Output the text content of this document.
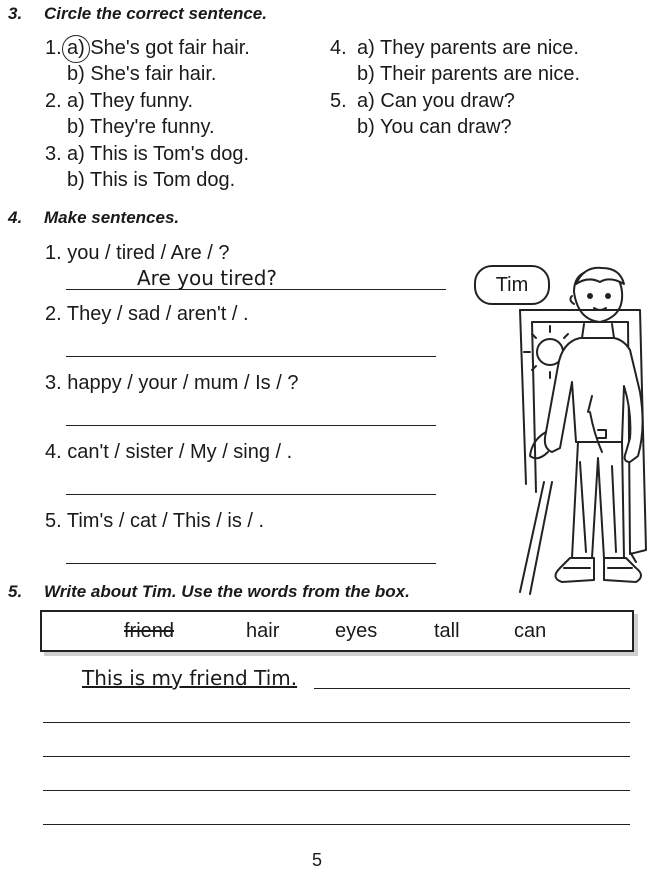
3. Circle the correct sentence.
1. a) She's got fair hair.
b) She's fair hair.
2. a) They funny.
b) They're funny.
3. a) This is Tom's dog.
b) This is Tom dog.
4. a) They parents are nice.
b) Their parents are nice.
5. a) Can you draw?
b) You can draw?
4. Make sentences.
1. you / tired / Are / ?
Are you tired?
2. They / sad / aren't / .
3. happy / your / mum / Is / ?
4. can't / sister / My / sing / .
5. Tim's / cat / This / is / .
Tim
5. Write about Tim. Use the words from the box.
friend	hair	eyes	tall	can
This is my friend Tim.
5
